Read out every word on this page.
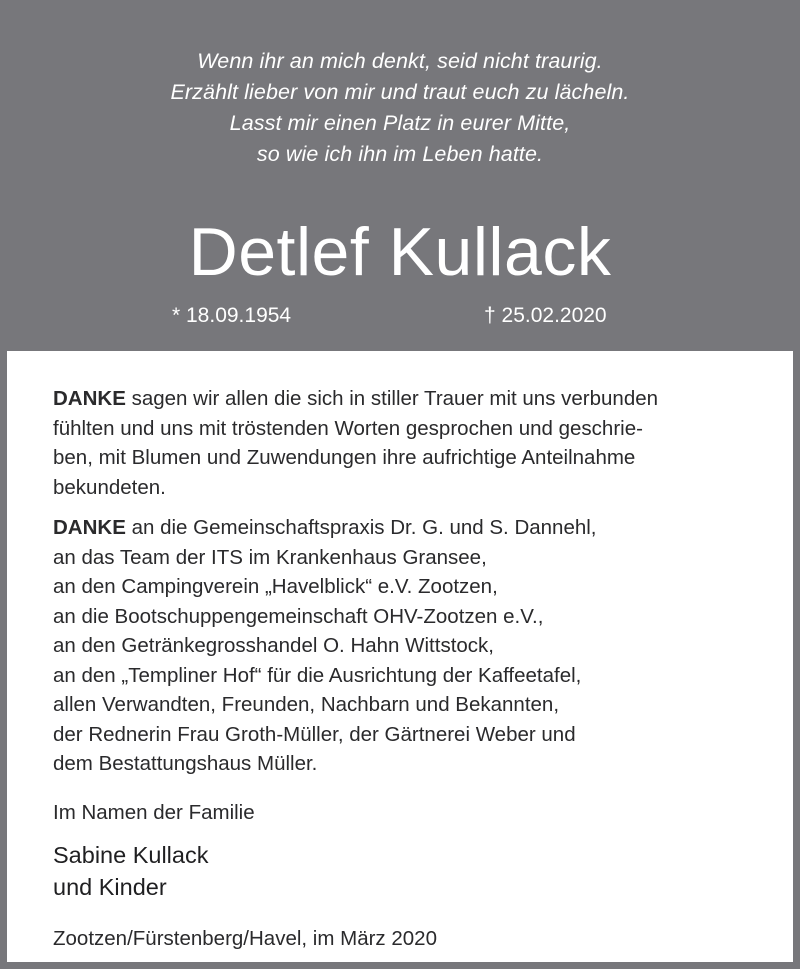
Wenn ihr an mich denkt, seid nicht traurig.
Erzählt lieber von mir und traut euch zu lächeln.
Lasst mir einen Platz in eurer Mitte,
so wie ich ihn im Leben hatte.
Detlef Kullack
* 18.09.1954	† 25.02.2020
DANKE sagen wir allen die sich in stiller Trauer mit uns verbunden
fühlten und uns mit tröstenden Worten gesprochen und geschrie-
ben, mit Blumen und Zuwendungen ihre aufrichtige Anteilnahme
bekundeten.
DANKE an die Gemeinschaftspraxis Dr. G. und S. Dannehl,
an das Team der ITS im Krankenhaus Gransee,
an den Campingverein „Havelblick“ e.V. Zootzen,
an die Bootschuppengemeinschaft OHV-Zootzen e.V.,
an den Getränkegrosshandel O. Hahn Wittstock,
an den „Templiner Hof“ für die Ausrichtung der Kaffeetafel,
allen Verwandten, Freunden, Nachbarn und Bekannten,
der Rednerin Frau Groth-Müller, der Gärtnerei Weber und
dem Bestattungshaus Müller.
Im Namen der Familie
Sabine Kullack
und Kinder
Zootzen/Fürstenberg/Havel, im März 2020
